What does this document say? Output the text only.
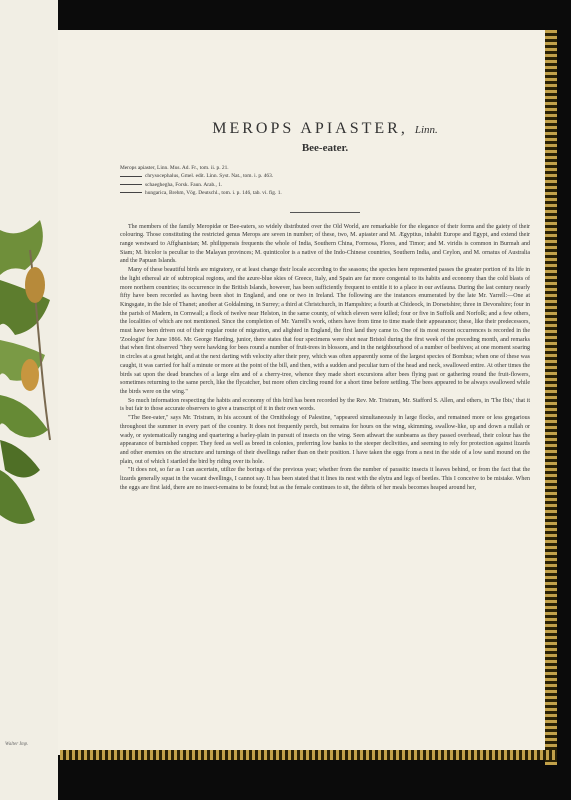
Walter Imp.
MEROPS APIASTER, Linn.
Bee-eater.
Merops apiaster, Linn. Mus. Ad. Fr., tom. ii. p. 21.
chrysocephalus, Gmel. edit. Linn. Syst. Nat., tom. i. p. 463.
schaeghegha, Forsk. Faun. Arab., 1.
hungarica, Brehm, Vög. Deutschl., tom. i. p. 146, tab. vi. fig. 1.

The members of the family Meropidæ or Bee-eaters, so widely distributed over the Old World, are remarkable for the elegance of their forms and the gaiety of their colouring. Those constituting the restricted genus Merops are seven in number; of these, two, M. apiaster and M. Ægyptius, inhabit Europe and Egypt, and extend their range westward to Affghanistan; M. philippensis frequents the whole of India, Southern China, Formosa, Flores, and Timor; and M. viridis is common in Burmah and Siam; M. bicolor is peculiar to the Malayan provinces; M. quinticolor is a native of the Indo-Chinese countries, Southern India, and Ceylon, and M. ornatus of Australia and the Papuan Islands.

Many of these beautiful birds are migratory, or at least change their locale according to the seasons; the species here represented passes the greater portion of its life in the light ethereal air of subtropical regions, and the azure-blue skies of Greece, Italy, and Spain are far more congenial to its habits and economy than the cold blasts of more northern countries; its occurrence in the British Islands, however, has been sufficiently frequent to entitle it to a place in our avifauna. During the last century nearly fifty have been recorded as having been shot in England, and one or two in Ireland. The following are the instances enumerated by the late Mr. Yarrell:—One at Kingsgate, in the Isle of Thanet; another at Goldalming, in Surrey; a third at Christchurch, in Hampshire; a fourth at Chideock, in Dorsetshire; three in Devonshire; four in the parish of Madern, in Cornwall; a flock of twelve near Helston, in the same county, of which eleven were killed; four or five in Suffolk and Norfolk; and a few others, the localities of which are not mentioned. Since the completion of Mr. Yarrell's work, others have from time to time made their appearance; these, like their predecessors, must have been driven out of their regular route of migration, and alighted in England, the first land they came to. One of its most recent occurrences is recorded in the 'Zoologist' for June 1866. Mr. George Harding, junior, there states that four specimens were shot near Bristol during the first week of the preceding month, and remarks that when first observed "they were hawking for bees round a number of fruit-trees in blossom, and in the neighbourhood of a number of beehives; at one moment soaring in circles at a great height, and at the next darting with velocity after their prey, which was often apparently some of the largest species of Bombus; when one of these was caught, it was carried for half a minute or more at the point of the bill, and then, with a sudden and peculiar turn of the head and neck, swallowed entire. At other times the birds sat upon the dead branches of a large elm and of a cherry-tree, whence they made short excursions after bees flying past or gathering round the fruit-flowers, sometimes returning to the same perch, like the flycatcher, but more often circling round for a short time before settling. The bees appeared to be always swallowed while the birds were on the wing."

So much information respecting the habits and economy of this bird has been recorded by the Rev. Mr. Tristram, Mr. Stafford S. Allen, and others, in 'The Ibis,' that it is but fair to those accurate observers to give a transcript of it in their own words.

"The Bee-eater," says Mr. Tristram, in his account of the Ornithology of Palestine, "appeared simultaneously in large flocks, and remained more or less gregarious throughout the summer in every part of the country. It does not frequently perch, but remains for hours on the wing, skimming, swallow-like, up and down a nullah or wady, or systematically ranging and quartering a barley-plain in pursuit of insects on the wing. Seen athwart the sunbeams as they passed overhead, their colour has the appearance of burnished copper. They feed as well as breed in colonies, preferring low banks to the steeper declivities, and seeming to rely for protection against lizards and other enemies on the structure and turnings of their dwellings rather than on their position. I have taken the eggs from a nest in the side of a low sand mound on the plain, out of which I startled the bird by riding over its hole.

"It does not, so far as I can ascertain, utilize the borings of the previous year; whether from the number of parasitic insects it leaves behind, or from the fact that the lizards generally squat in the vacant dwellings, I cannot say. It has been stated that it lines its nest with the elytra and legs of beetles. This I conceive to be mistake. When the eggs are first laid, there are no insect-remains to be found; but as the female continues to sit, the débris of her meals becomes heaped around her,
